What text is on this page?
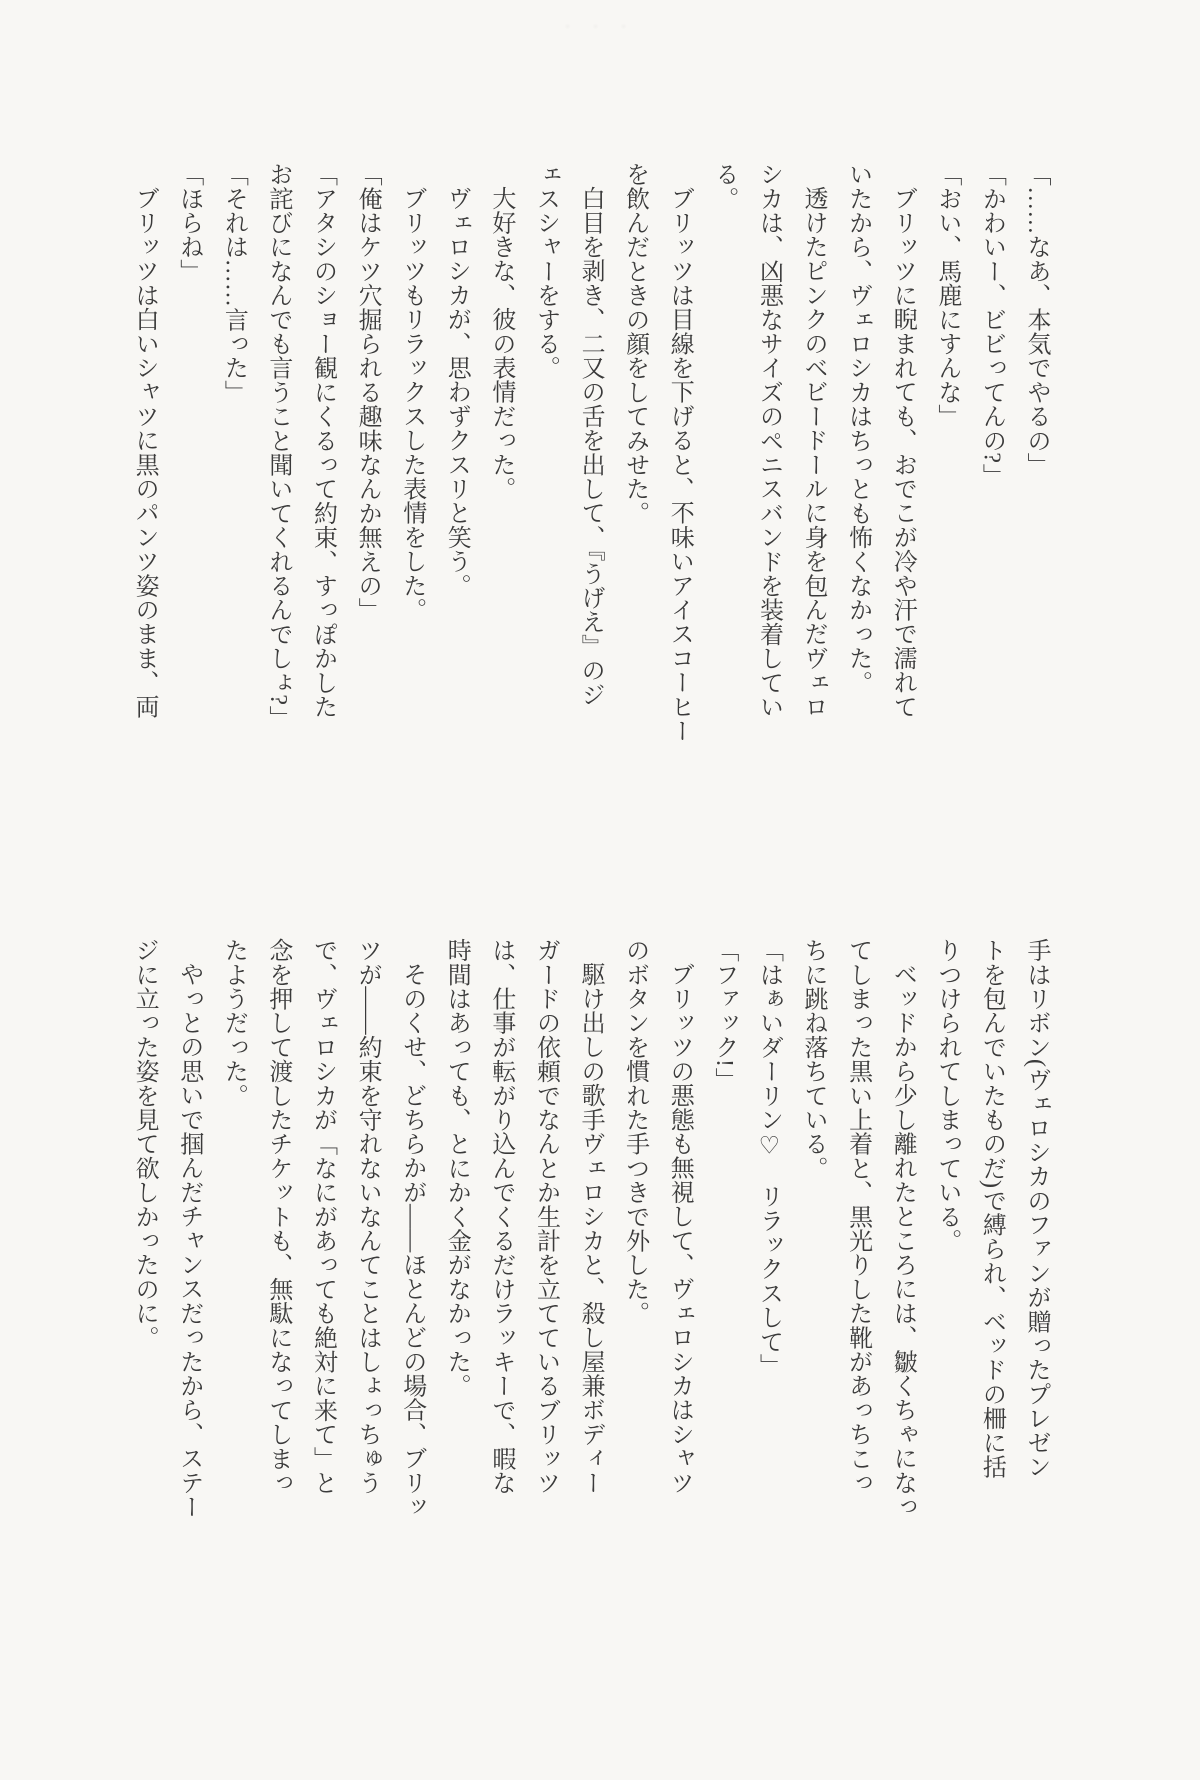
゛゛゛
「……なあ、本気でやるの」
「かわいー、ビビってんの?」
「おい、馬鹿にすんな」
ブリッツに睨まれても、おでこが冷や汗で濡れて
いたから、ヴェロシカはちっとも怖くなかった。
透けたピンクのベビードールに身を包んだヴェロ
シカは、凶悪なサイズのペニスバンドを装着してい
る。
ブリッツは目線を下げると、不味いアイスコーヒー
を飲んだときの顔をしてみせた。
白目を剥き、二又の舌を出して、『うげえ』のジ
ェスシャーをする。
大好きな、彼の表情だった。
ヴェロシカが、思わずクスリと笑う。
ブリッツもリラックスした表情をした。
「俺はケツ穴掘られる趣味なんか無えの」
「アタシのショー観にくるって約束、すっぽかした
お詫びになんでも言うこと聞いてくれるんでしょ?」
「それは……言った」
「ほらね」
ブリッツは白いシャツに黒のパンツ姿のまま、両
手はリボン(ヴェロシカのファンが贈ったプレゼン
トを包んでいたものだ)で縛られ、ベッドの柵に括
りつけられてしまっている。
ベッドから少し離れたところには、皺くちゃになっ
てしまった黒い上着と、黒光りした靴があっちこっ
ちに跳ね落ちている。
「はぁいダーリン♡　リラックスして」
「ファック!」
ブリッツの悪態も無視して、ヴェロシカはシャツ
のボタンを慣れた手つきで外した。
駆け出しの歌手ヴェロシカと、殺し屋兼ボディー
ガードの依頼でなんとか生計を立てているブリッツ
は、仕事が転がり込んでくるだけラッキーで、暇な
時間はあっても、とにかく金がなかった。
そのくせ、どちらかが――ほとんどの場合、ブリッ
ツが――約束を守れないなんてことはしょっちゅう
で、ヴェロシカが「なにがあっても絶対に来て」と
念を押して渡したチケットも、無駄になってしまっ
たようだった。
やっとの思いで掴んだチャンスだったから、ステー
ジに立った姿を見て欲しかったのに。
